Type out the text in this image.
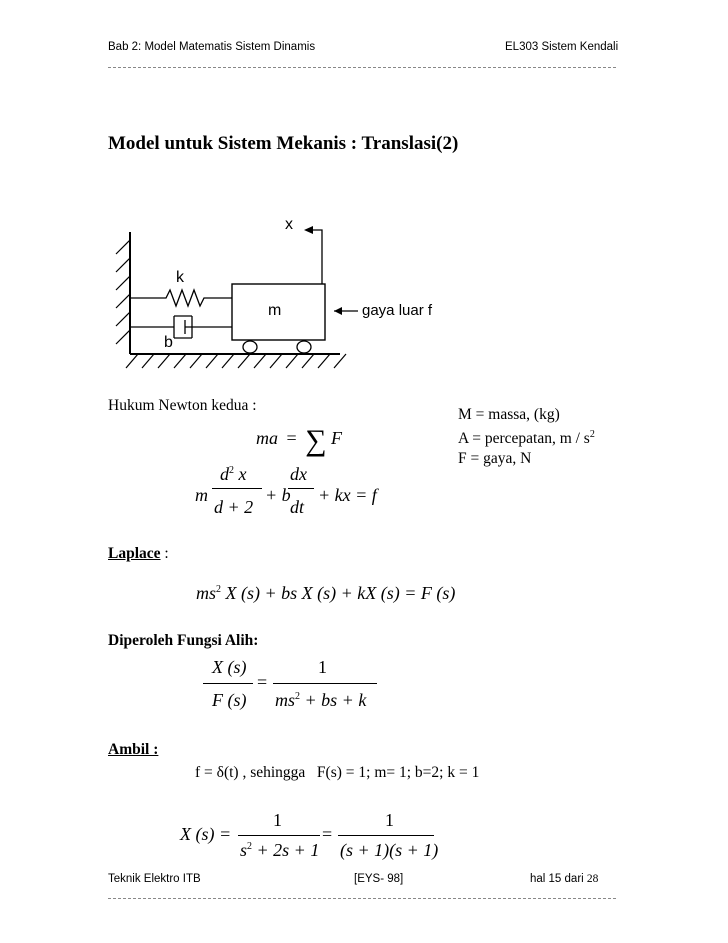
Bab 2: Model Matematis Sistem Dinamis	EL303 Sistem Kendali
Model untuk Sistem Mekanis : Translasi(2)
x
k
b
m	gaya luar f
Hukum Newton kedua :
M = massa, (kg)
A = percepatan, m / $s^2$
F = gaya, N
ma = ∑ F
m
$d^2$ x
d + 2
+ b
dx
dt
+ kx = f
Laplace :
$ms^2$ X (s) + bs X (s) + kX (s) = F (s)
Diperoleh Fungsi Alih:
X (s)
F (s)
=
1
$ms^2$ + bs + k
Ambil :
f = δ(t) , sehingga   F(s) = 1; m= 1; b=2; k = 1
X (s) =
1
$s^2 + 2s + 1$
=
1
(s + 1)(s + 1)
Teknik Elektro ITB	[EYS- 98]	hal 15 dari 28
